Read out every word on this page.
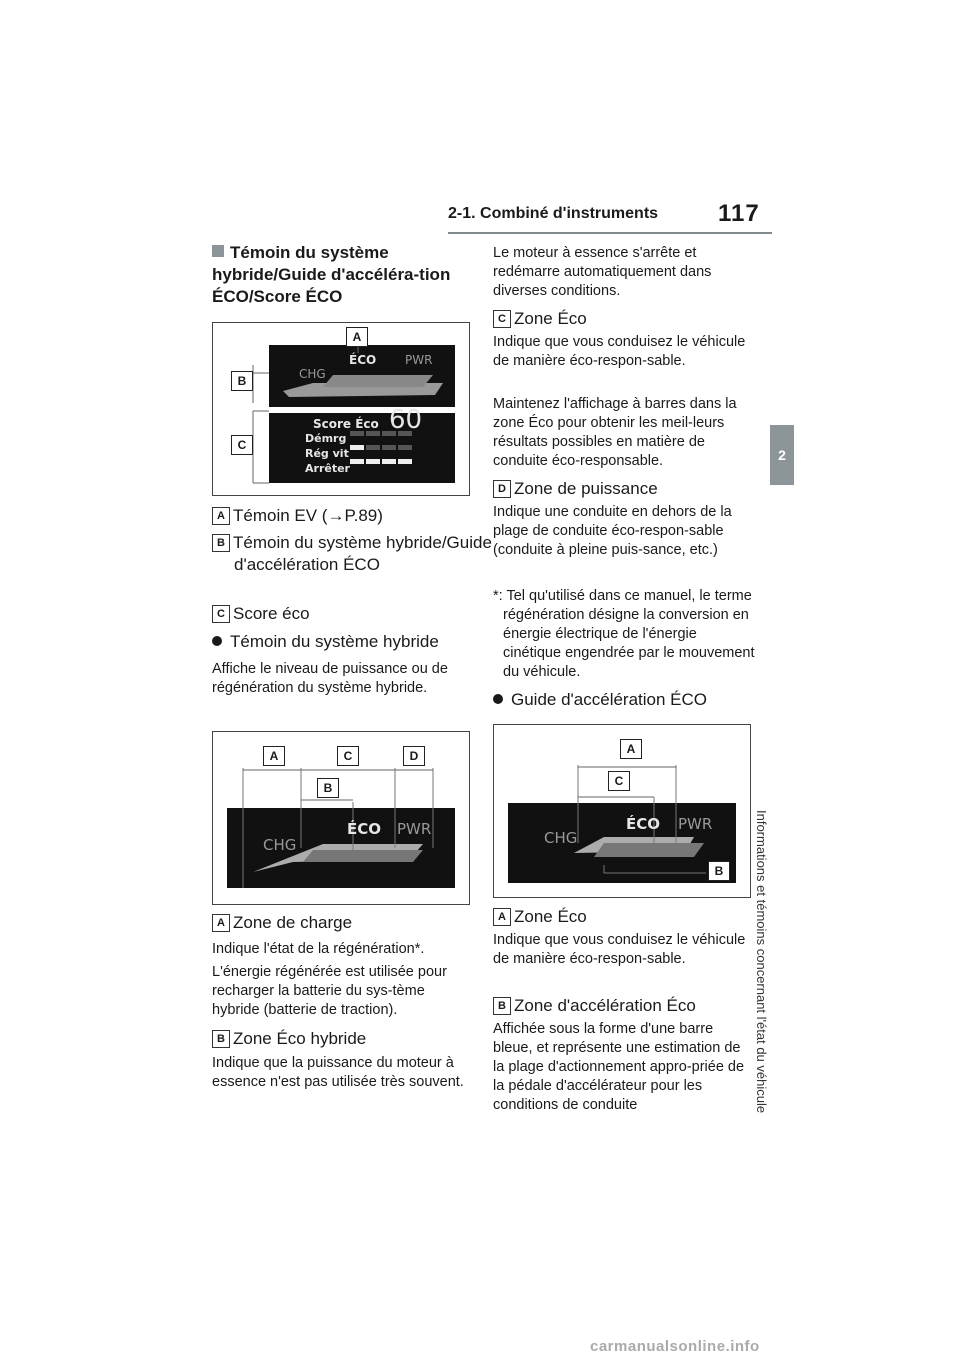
2-1. Combiné d'instruments 117
2
Informations et témoins concernant l'état du véhicule
Témoin du système hybride/Guide d'accéléra-tion ÉCO/Score ÉCO
A
B
C
ÉCO PWR
CHG
Score Éco 60
Démrg
Rég vit
Arrêter
A Témoin EV (→P.89)
B Témoin du système hybride/Guide d'accélération ÉCO
C Score éco
Témoin du système hybride
Affiche le niveau de puissance ou de régénération du système hybride.
A	C	D
B
CHG
ÉCO PWR
A Zone de charge
Indique l'état de la régénération*.
L'énergie régénérée est utilisée pour recharger la batterie du sys-tème hybride (batterie de traction).
B Zone Éco hybride
Indique que la puissance du moteur à essence n'est pas utilisée très souvent.
Le moteur à essence s'arrête et redémarre automatiquement dans diverses conditions.
C Zone Éco
Indique que vous conduisez le véhicule de manière éco-respon-sable.
Maintenez l'affichage à barres dans la zone Éco pour obtenir les meil-leurs résultats possibles en matière de conduite éco-responsable.
D Zone de puissance
Indique une conduite en dehors de la plage de conduite éco-respon-sable (conduite à pleine puis-sance, etc.)
*: Tel qu'utilisé dans ce manuel, le terme régénération désigne la conversion en énergie électrique de l'énergie cinétique engendrée par le mouvement du véhicule.
Guide d'accélération ÉCO
A
C
B
CHG
ÉCO PWR
A Zone Éco
Indique que vous conduisez le véhicule de manière éco-respon-sable.
B Zone d'accélération Éco
Affichée sous la forme d'une barre bleue, et représente une estimation de la plage d'actionnement appro-priée de la pédale d'accélérateur pour les conditions de conduite
carmanualsonline.info
